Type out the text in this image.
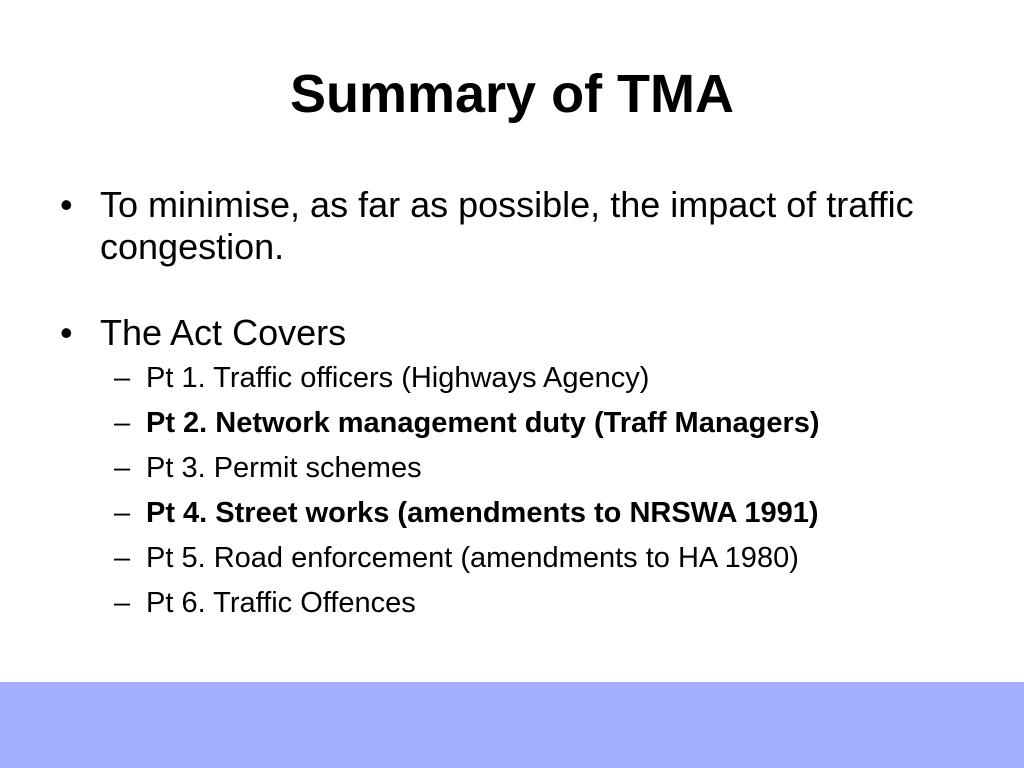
Summary of TMA
• To minimise, as far as possible, the impact of traffic congestion.
• The Act Covers
– Pt 1. Traffic officers (Highways Agency)
– Pt 2. Network management duty (Traff Managers)
– Pt 3. Permit schemes
– Pt 4. Street works (amendments to NRSWA 1991)
– Pt 5. Road enforcement (amendments to HA 1980)
– Pt 6. Traffic Offences
